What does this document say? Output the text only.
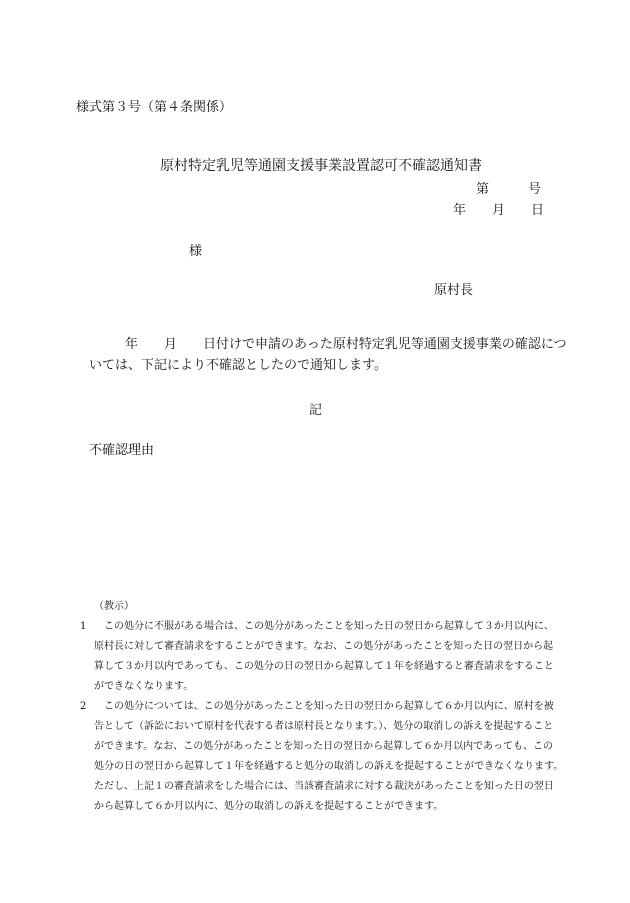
様式第３号（第４条関係）
原村特定乳児等通園支援事業設置認可不確認通知書
第　　　号
年　　月　　日
様
原村長
年　　月　　日付けで申請のあった原村特定乳児等通園支援事業の確認につ
いては、下記により不確認としたので通知します。
記
不確認理由
（教示）
1	この処分に不服がある場合は、この処分があったことを知った日の翌日から起算して３か月以内に、
原村長に対して審査請求をすることができます。なお、この処分があったことを知った日の翌日から起
算して３か月以内であっても、この処分の日の翌日から起算して１年を経過すると審査請求をすること
ができなくなります。
2	この処分については、この処分があったことを知った日の翌日から起算して６か月以内に、原村を被
告として（訴訟において原村を代表する者は原村長となります。）、処分の取消しの訴えを提起すること
ができます。なお、この処分があったことを知った日の翌日から起算して６か月以内であっても、この
処分の日の翌日から起算して１年を経過すると処分の取消しの訴えを提起することができなくなります。
ただし、上記１の審査請求をした場合には、当該審査請求に対する裁決があったことを知った日の翌日
から起算して６か月以内に、処分の取消しの訴えを提起することができます。
